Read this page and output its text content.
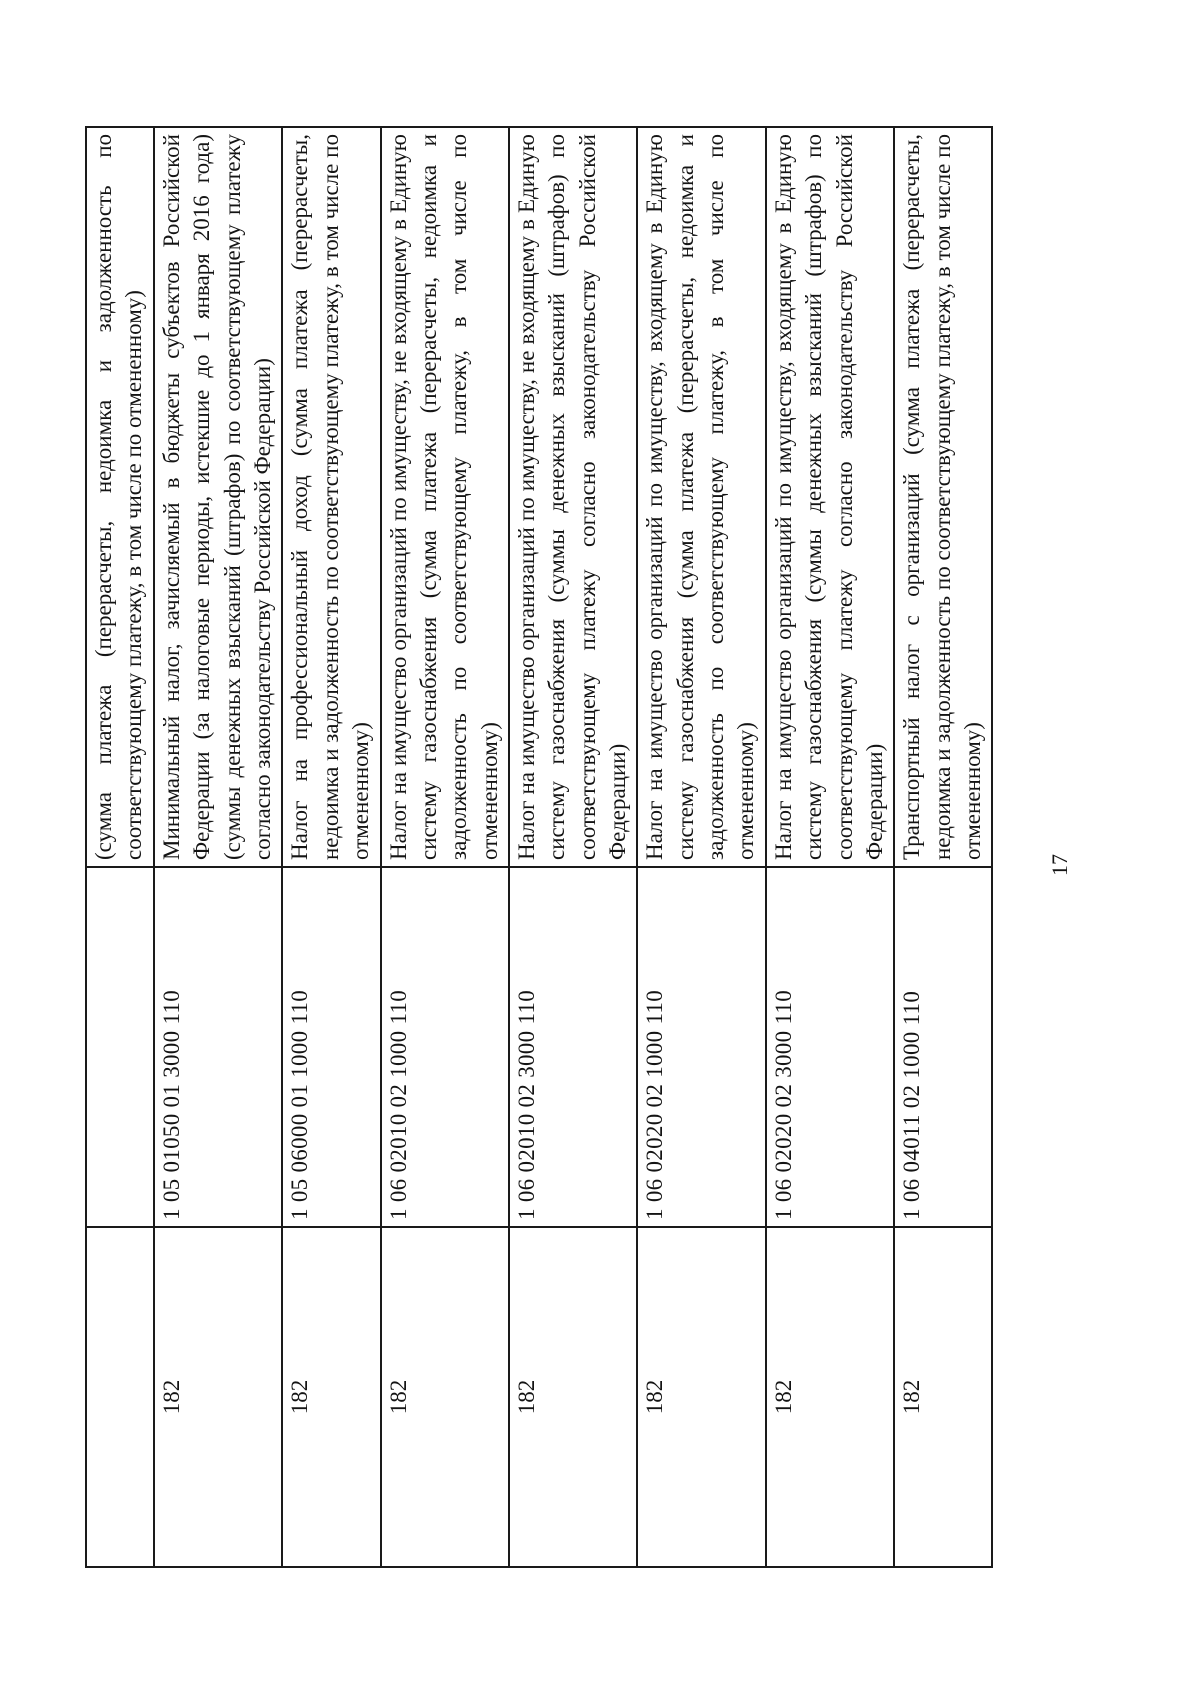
		(сумма платежа (перерасчеты, недоимка и задолженность по соответствующему платежу, в том числе по отмененному)
182	1 05 01050 01 3000 110	Минимальный налог, зачисляемый в бюджеты субъектов Российской Федерации (за налоговые периоды, истекшие до 1 января 2016 года) (суммы денежных взысканий (штрафов) по соответствующему платежу согласно законодательству Российской Федерации)
182	1 05 06000 01 1000 110	Налог на профессиональный доход (сумма платежа (перерасчеты, недоимка и задолженность по соответствующему платежу, в том числе по отмененному)
182	1 06 02010 02 1000 110	Налог на имущество организаций по имуществу, не входящему в Единую систему газоснабжения (сумма платежа (перерасчеты, недоимка и задолженность по соответствующему платежу, в том числе по отмененному)
182	1 06 02010 02 3000 110	Налог на имущество организаций по имуществу, не входящему в Единую систему газоснабжения (суммы денежных взысканий (штрафов) по соответствующему платежу согласно законодательству Российской Федерации)
182	1 06 02020 02 1000 110	Налог на имущество организаций по имуществу, входящему в Единую систему газоснабжения (сумма платежа (перерасчеты, недоимка и задолженность по соответствующему платежу, в том числе по отмененному)
182	1 06 02020 02 3000 110	Налог на имущество организаций по имуществу, входящему в Единую систему газоснабжения (суммы денежных взысканий (штрафов) по соответствующему платежу согласно законодательству Российской Федерации)
182	1 06 04011 02 1000 110	Транспортный налог с организаций (сумма платежа (перерасчеты, недоимка и задолженность по соответствующему платежу, в том числе по отмененному)
17
